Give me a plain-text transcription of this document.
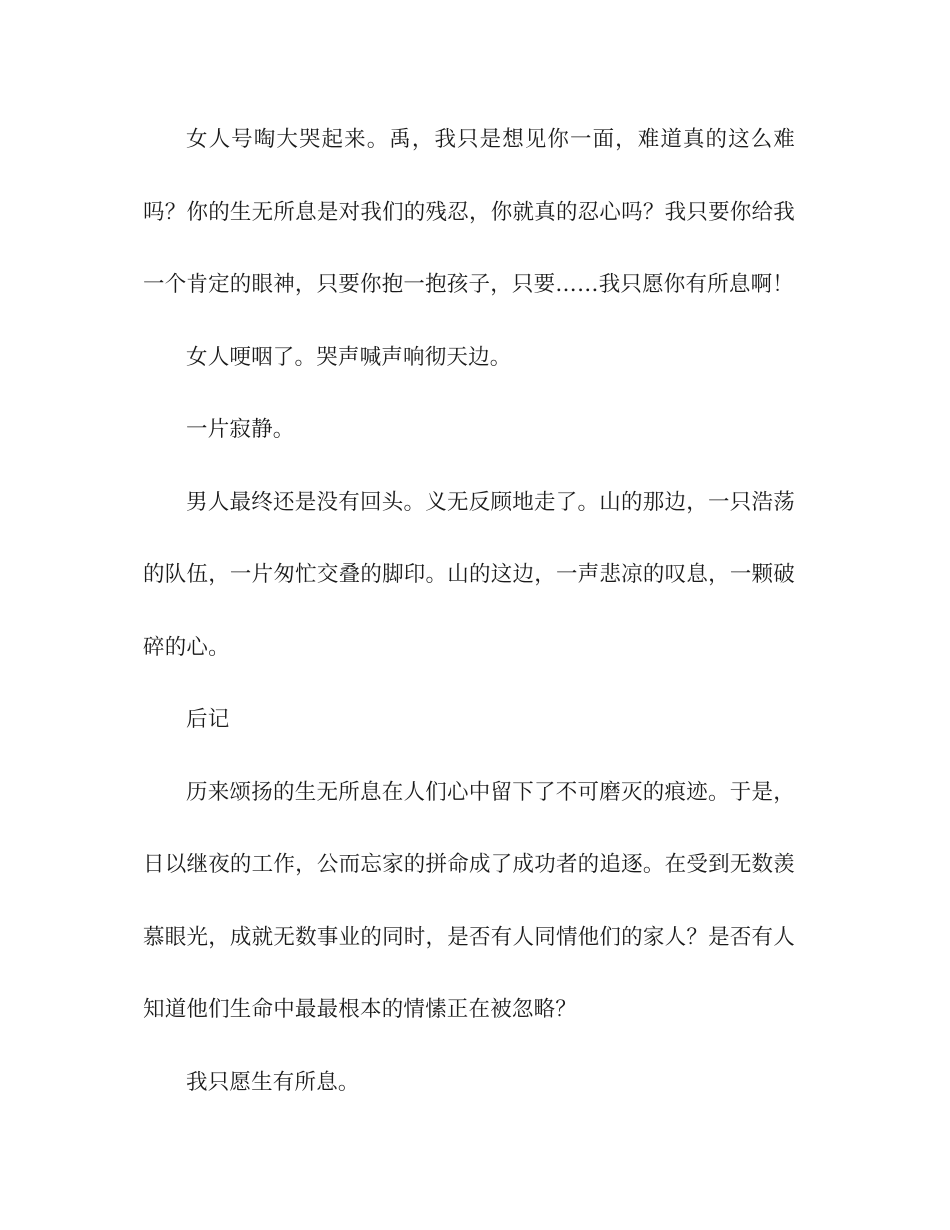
女人号啕大哭起来。禹，我只是想见你一面，难道真的这么难吗？你的生无所息是对我们的残忍，你就真的忍心吗？我只要你给我一个肯定的眼神，只要你抱一抱孩子，只要……我只愿你有所息啊！

女人哽咽了。哭声喊声响彻天边。

一片寂静。

男人最终还是没有回头。义无反顾地走了。山的那边，一只浩荡的队伍，一片匆忙交叠的脚印。山的这边，一声悲凉的叹息，一颗破碎的心。

后记

历来颂扬的生无所息在人们心中留下了不可磨灭的痕迹。于是，日以继夜的工作，公而忘家的拼命成了成功者的追逐。在受到无数羡慕眼光，成就无数事业的同时，是否有人同情他们的家人？是否有人知道他们生命中最最根本的情愫正在被忽略？

我只愿生有所息。
